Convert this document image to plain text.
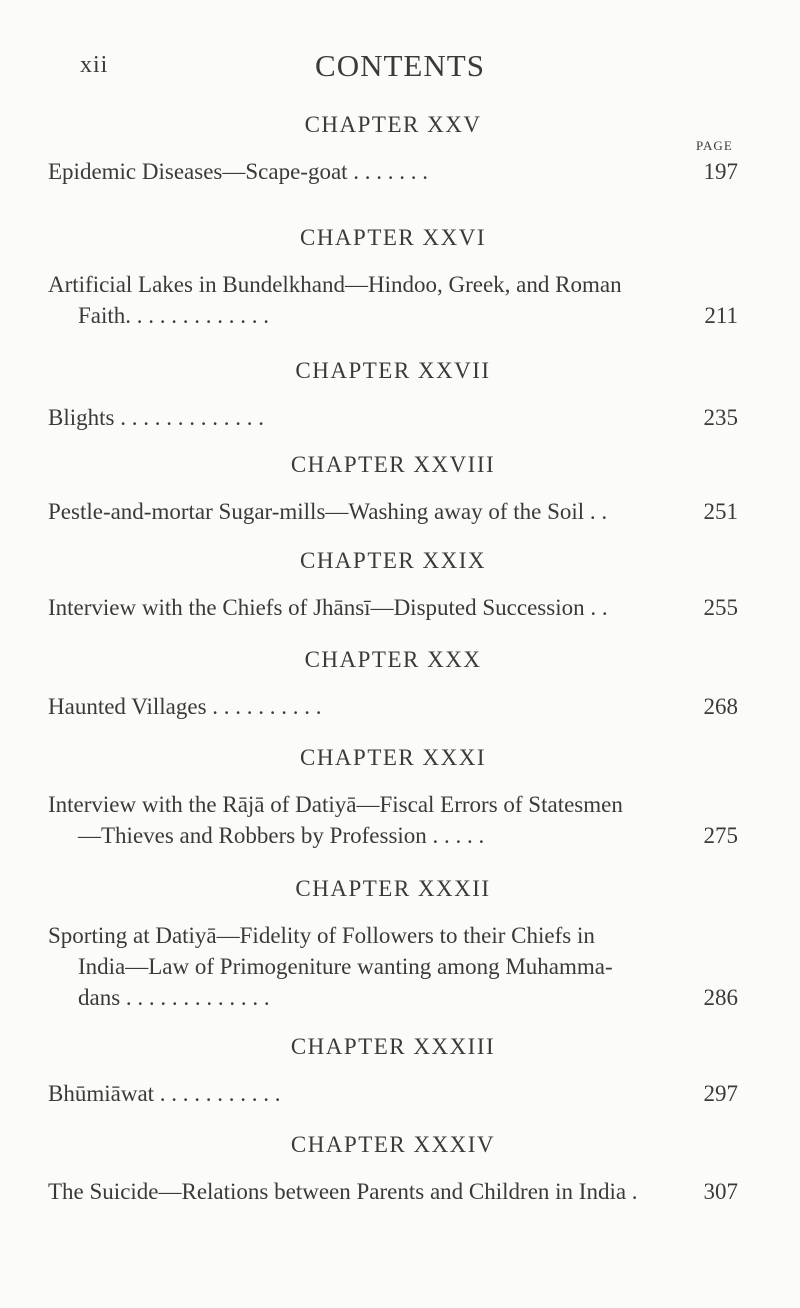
xii	CONTENTS
PAGE
CHAPTER XXV
Epidemic Diseases—Scape-goat . . . . . . .	197
CHAPTER XXVI
Artificial Lakes in Bundelkhand—Hindoo, Greek, and Roman
Faith. . . . . . . . . . . . .	211
CHAPTER XXVII
Blights . . . . . . . . . . . . .	235
CHAPTER XXVIII
Pestle-and-mortar Sugar-mills—Washing away of the Soil . .	251
CHAPTER XXIX
Interview with the Chiefs of Jhānsī—Disputed Succession . .	255
CHAPTER XXX
Haunted Villages . . . . . . . . . .	268
CHAPTER XXXI
Interview with the Rājā of Datiyā—Fiscal Errors of Statesmen
—Thieves and Robbers by Profession . . . . .	275
CHAPTER XXXII
Sporting at Datiyā—Fidelity of Followers to their Chiefs in
India—Law of Primogeniture wanting among Muhamma-
dans . . . . . . . . . . . . .	286
CHAPTER XXXIII
Bhūmiāwat . . . . . . . . . . .	297
CHAPTER XXXIV
The Suicide—Relations between Parents and Children in India .	307
